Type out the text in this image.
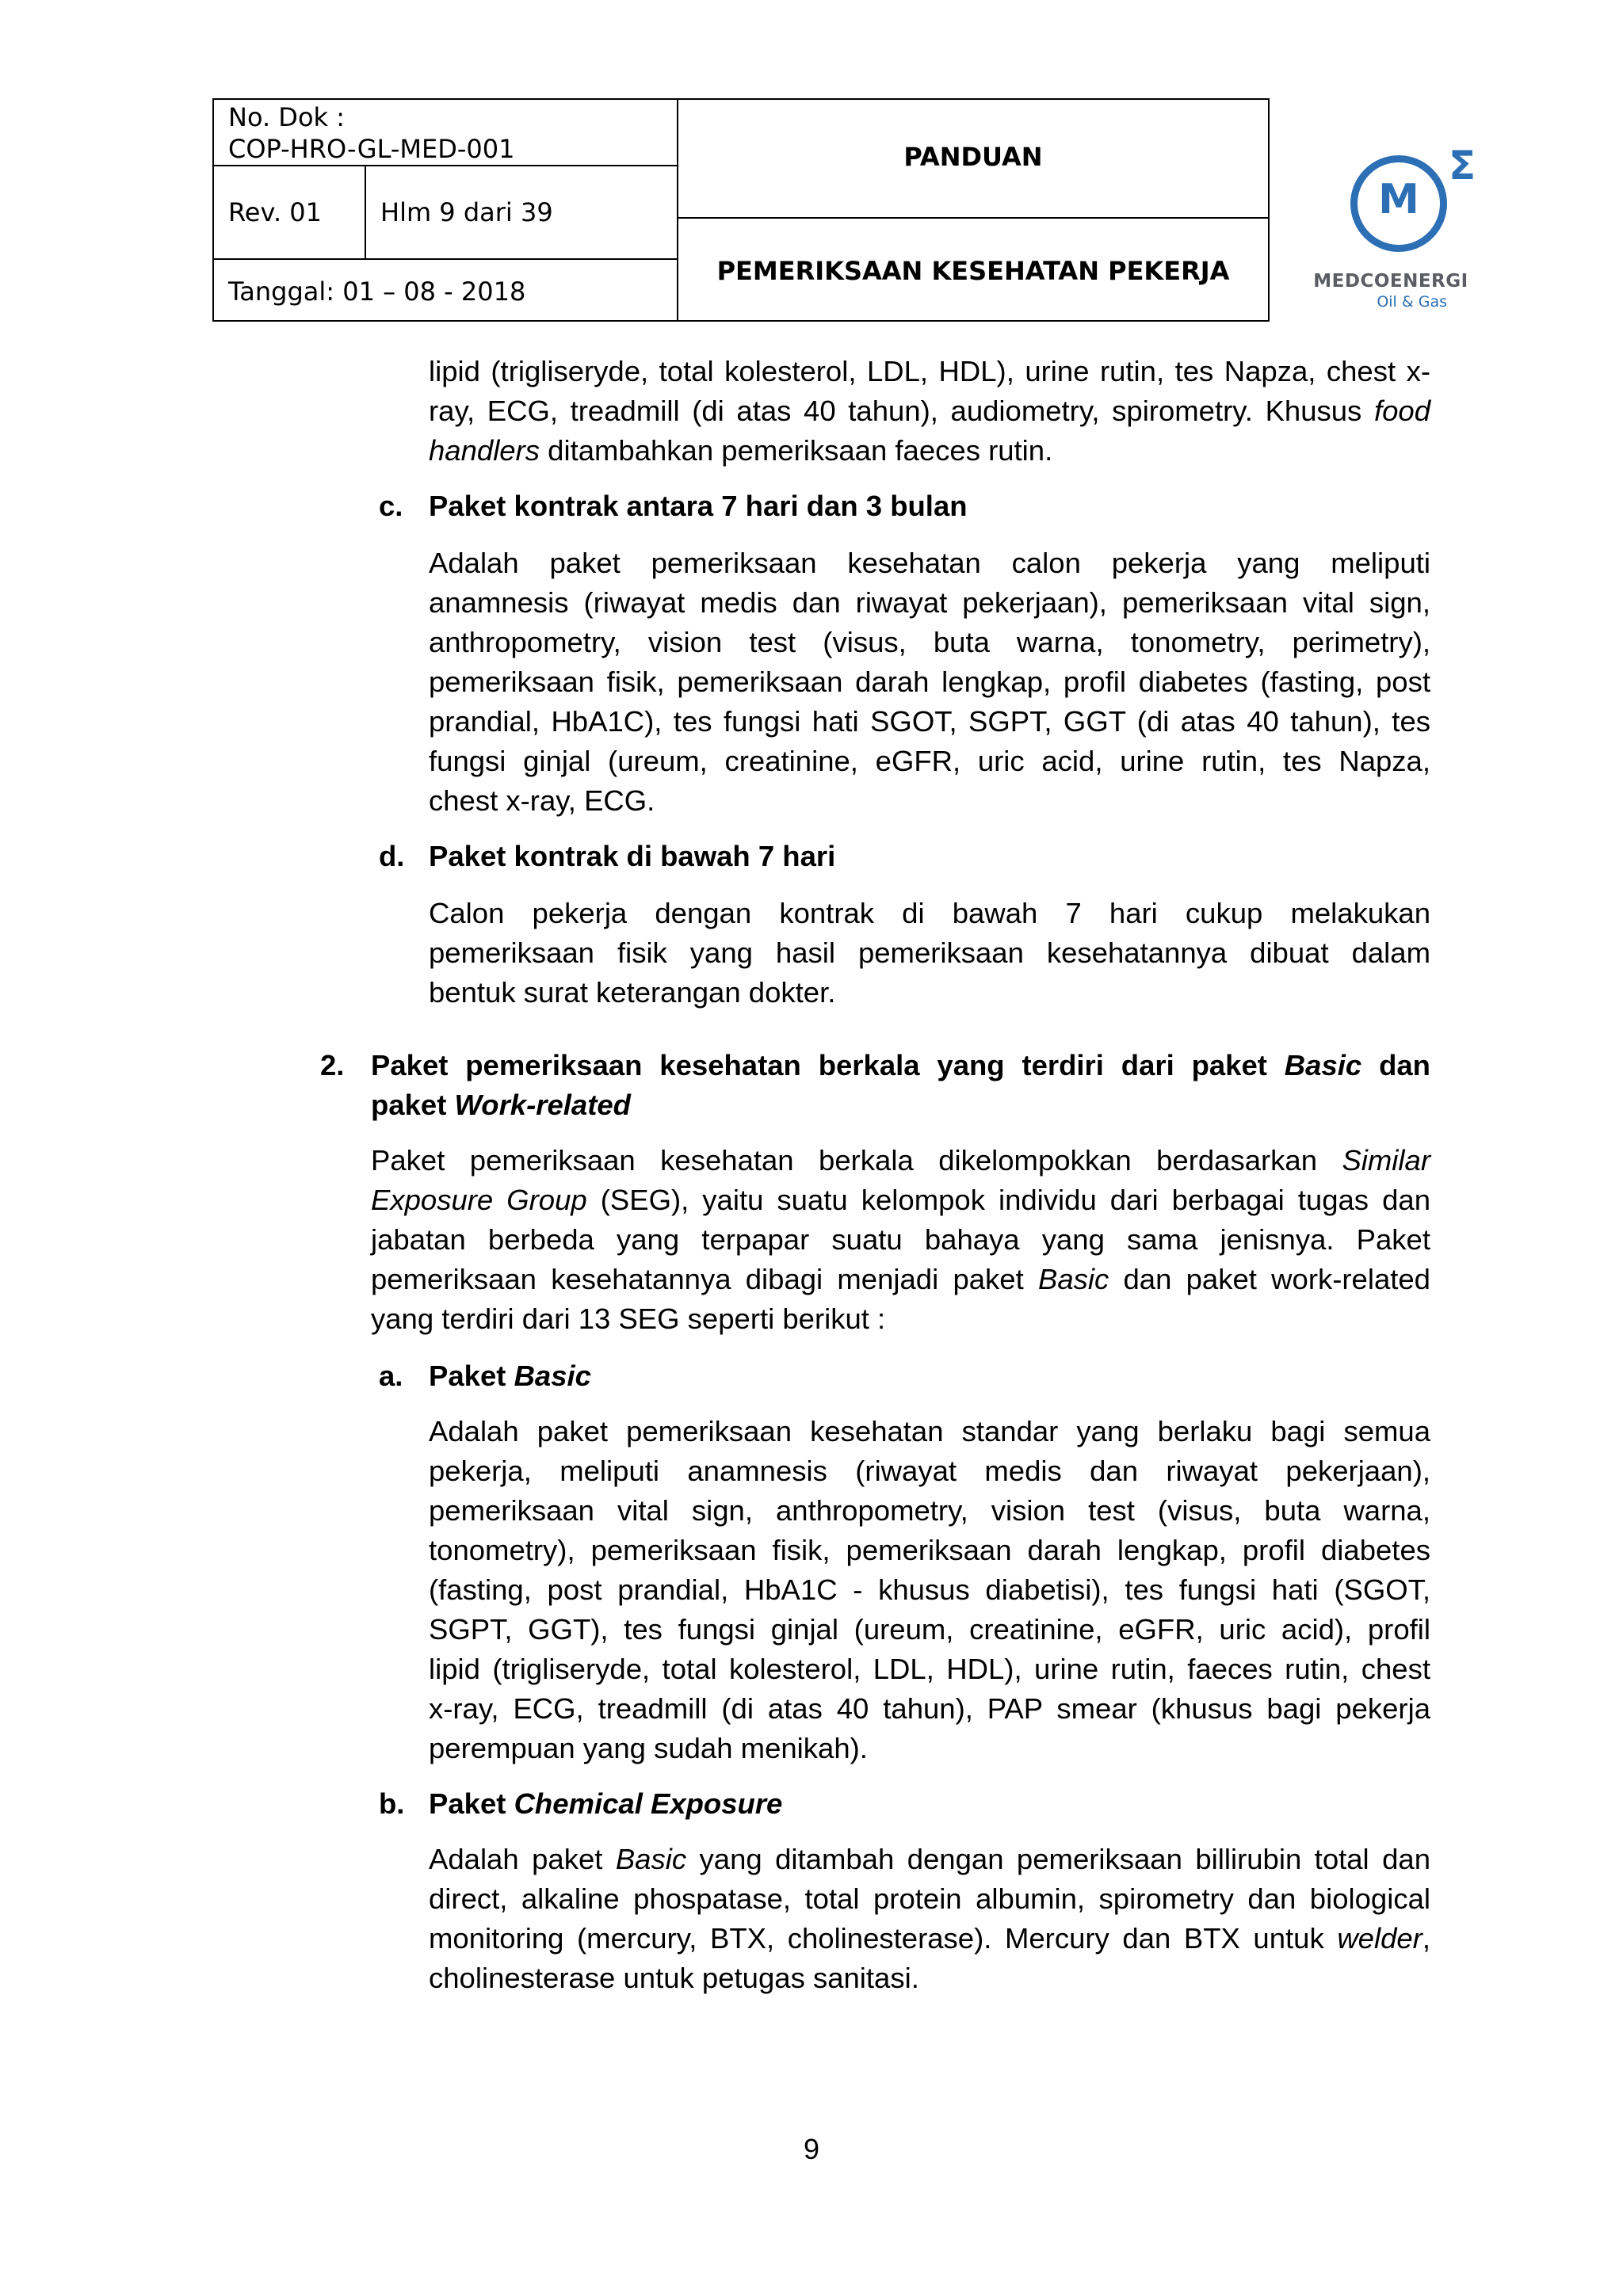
No. Dok :
COP-HRO-GL-MED-001
Rev. 01	Hlm 9 dari 39
Tanggal: 01 – 08 - 2018
PANDUAN
PEMERIKSAAN KESEHATAN PEKERJA
M
Σ
MEDCOENERGI
Oil & Gas
lipid (trigliseryde, total kolesterol, LDL, HDL), urine rutin, tes Napza, chest x-
ray, ECG, treadmill (di atas 40 tahun), audiometry, spirometry. Khusus food
handlers ditambahkan pemeriksaan faeces rutin.
c. Paket kontrak antara 7 hari dan 3 bulan
Adalah paket pemeriksaan kesehatan calon pekerja yang meliputi
anamnesis (riwayat medis dan riwayat pekerjaan), pemeriksaan vital sign,
anthropometry, vision test (visus, buta warna, tonometry, perimetry),
pemeriksaan fisik, pemeriksaan darah lengkap, profil diabetes (fasting, post
prandial, HbA1C), tes fungsi hati SGOT, SGPT, GGT (di atas 40 tahun), tes
fungsi ginjal (ureum, creatinine, eGFR, uric acid, urine rutin, tes Napza,
chest x-ray, ECG.
d. Paket kontrak di bawah 7 hari
Calon pekerja dengan kontrak di bawah 7 hari cukup melakukan
pemeriksaan fisik yang hasil pemeriksaan kesehatannya dibuat dalam
bentuk surat keterangan dokter.
2. Paket pemeriksaan kesehatan berkala yang terdiri dari paket Basic dan
paket Work-related
Paket pemeriksaan kesehatan berkala dikelompokkan berdasarkan Similar
Exposure Group (SEG), yaitu suatu kelompok individu dari berbagai tugas dan
jabatan berbeda yang terpapar suatu bahaya yang sama jenisnya. Paket
pemeriksaan kesehatannya dibagi menjadi paket Basic dan paket work-related
yang terdiri dari 13 SEG seperti berikut :
a. Paket Basic
Adalah paket pemeriksaan kesehatan standar yang berlaku bagi semua
pekerja, meliputi anamnesis (riwayat medis dan riwayat pekerjaan),
pemeriksaan vital sign, anthropometry, vision test (visus, buta warna,
tonometry), pemeriksaan fisik, pemeriksaan darah lengkap, profil diabetes
(fasting, post prandial, HbA1C - khusus diabetisi), tes fungsi hati (SGOT,
SGPT, GGT), tes fungsi ginjal (ureum, creatinine, eGFR, uric acid), profil
lipid (trigliseryde, total kolesterol, LDL, HDL), urine rutin, faeces rutin, chest
x-ray, ECG, treadmill (di atas 40 tahun), PAP smear (khusus bagi pekerja
perempuan yang sudah menikah).
b. Paket Chemical Exposure
Adalah paket Basic yang ditambah dengan pemeriksaan billirubin total dan
direct, alkaline phospatase, total protein albumin, spirometry dan biological
monitoring (mercury, BTX, cholinesterase). Mercury dan BTX untuk welder,
cholinesterase untuk petugas sanitasi.
9
